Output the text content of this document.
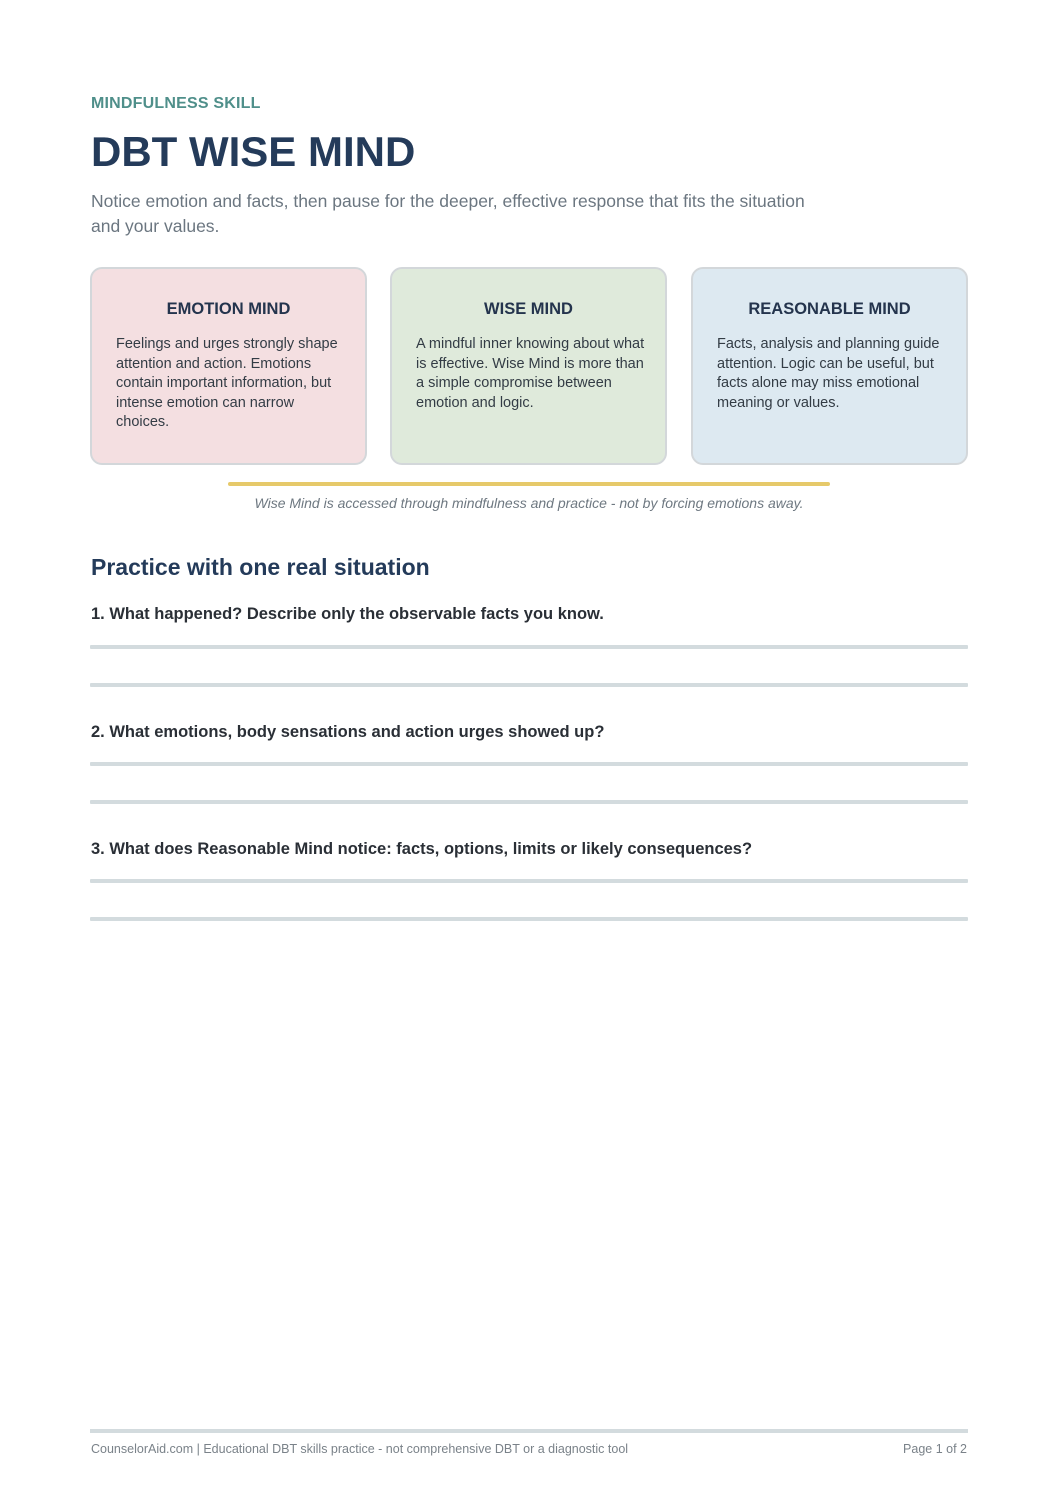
MINDFULNESS SKILL
DBT WISE MIND

Notice emotion and facts, then pause for the deeper, effective response that fits the situation and your values.

EMOTION MIND
Feelings and urges strongly shape attention and action. Emotions contain important information, but intense emotion can narrow choices.
WISE MIND
A mindful inner knowing about what is effective. Wise Mind is more than a simple compromise between emotion and logic.
REASONABLE MIND
Facts, analysis and planning guide attention. Logic can be useful, but facts alone may miss emotional meaning or values.
Wise Mind is accessed through mindfulness and practice - not by forcing emotions away.
Practice with one real situation
1. What happened? Describe only the observable facts you know.
2. What emotions, body sensations and action urges showed up?
3. What does Reasonable Mind notice: facts, options, limits or likely consequences?
CounselorAid.com | Educational DBT skills practice - not comprehensive DBT or a diagnostic tool	Page 1 of 2
